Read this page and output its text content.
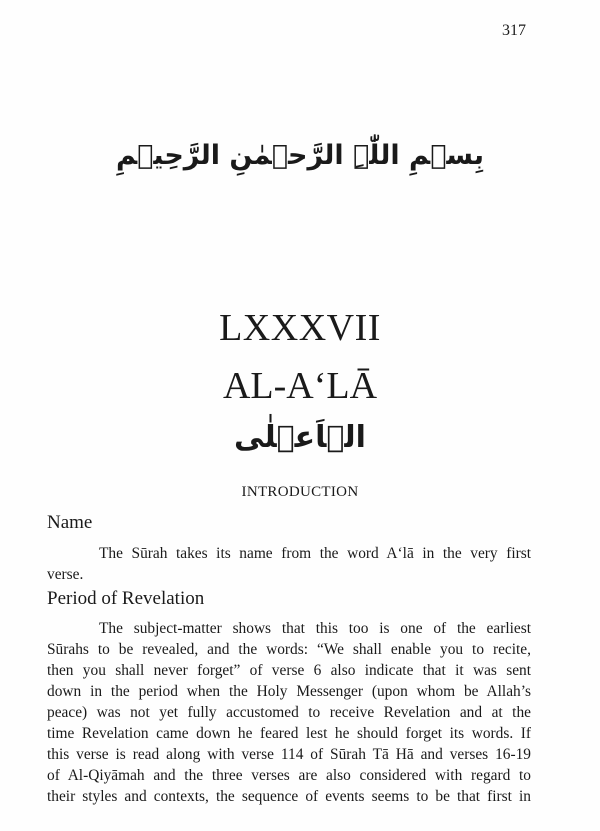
317
بِسۡمِ اللّٰہِ الرَّحۡمٰنِ الرَّحِیۡمِ
LXXXVII
AL-A‘LĀ
الۡاَعۡلٰی
INTRODUCTION
Name
The Sūrah takes its name from the word A‘lā in the very first
verse.
Period of Revelation
The subject-matter shows that this too is one of the earliest
Sūrahs to be revealed, and the words: “We shall enable you to recite,
then you shall never forget” of verse 6 also indicate that it was sent
down in the period when the Holy Messenger (upon whom be Allah’s
peace) was not yet fully accustomed to receive Revelation and at the
time Revelation came down he feared lest he should forget its words. If
this verse is read along with verse 114 of Sūrah Tā Hā and verses 16-19
of Al-Qiyāmah and the three verses are also considered with regard to
their styles and contexts, the sequence of events seems to be that first in
